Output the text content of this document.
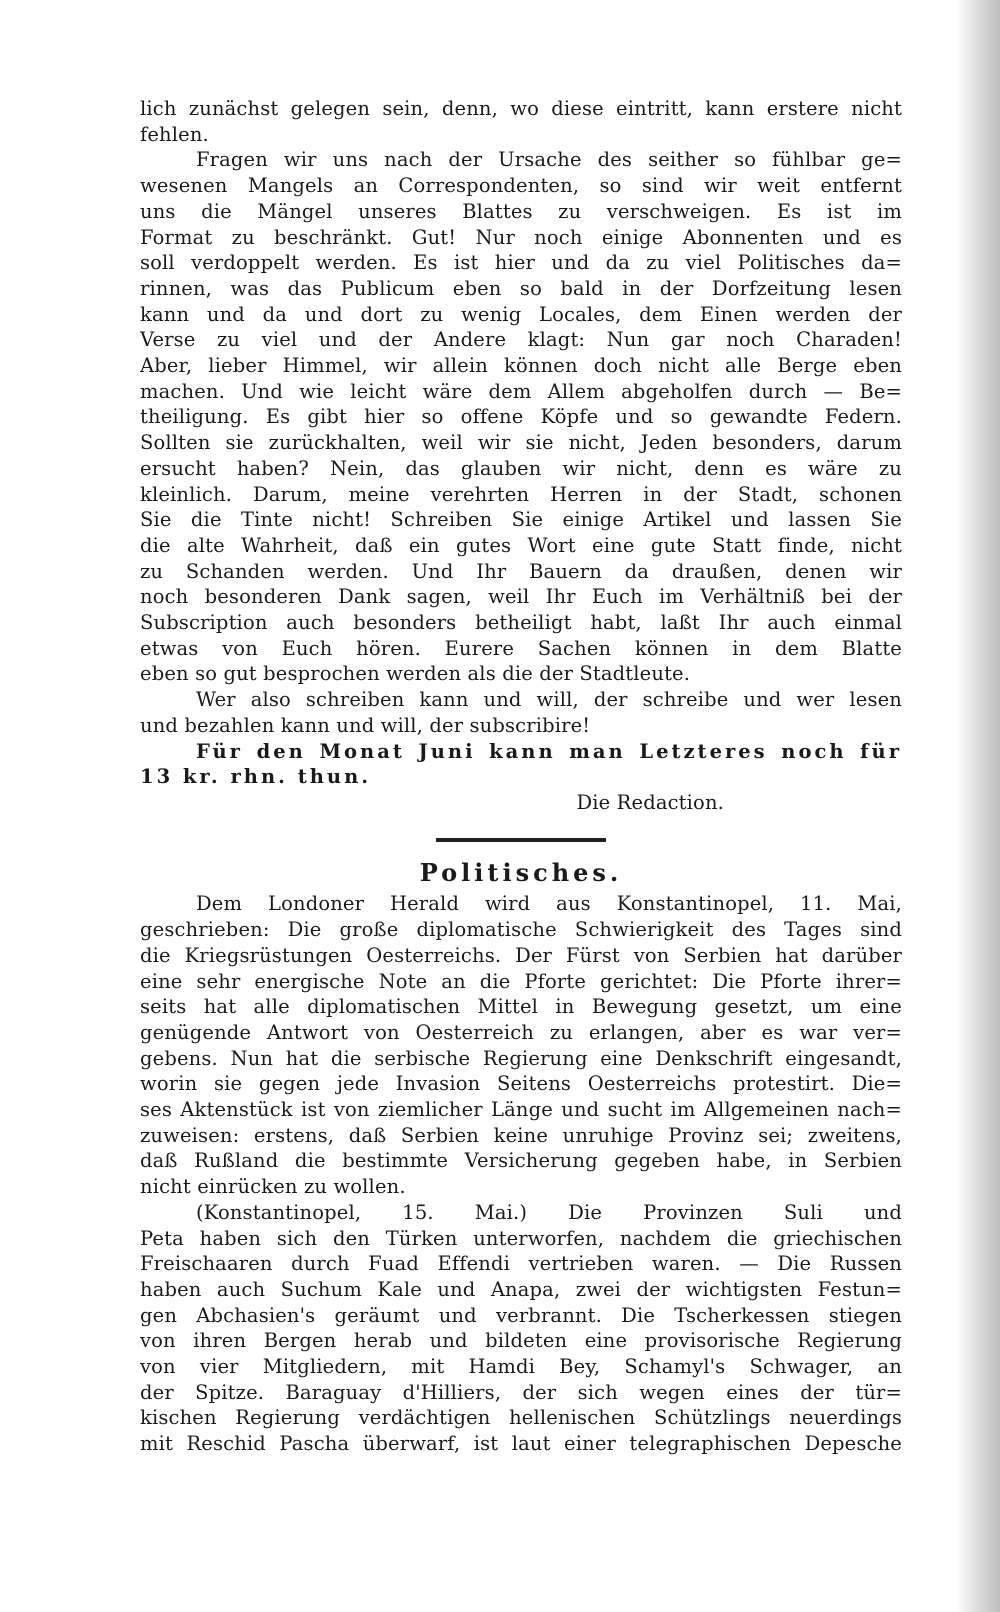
lich zunächst gelegen sein, denn, wo diese eintritt, kann erstere nicht
fehlen.
Fragen wir uns nach der Ursache des seither so fühlbar ge=
wesenen Mangels an Correspondenten, so sind wir weit entfernt
uns die Mängel unseres Blattes zu verschweigen. Es ist im
Format zu beschränkt. Gut! Nur noch einige Abonnenten und es
soll verdoppelt werden. Es ist hier und da zu viel Politisches da=
rinnen, was das Publicum eben so bald in der Dorfzeitung lesen
kann und da und dort zu wenig Locales, dem Einen werden der
Verse zu viel und der Andere klagt: Nun gar noch Charaden!
Aber, lieber Himmel, wir allein können doch nicht alle Berge eben
machen. Und wie leicht wäre dem Allem abgeholfen durch — Be=
theiligung. Es gibt hier so offene Köpfe und so gewandte Federn.
Sollten sie zurückhalten, weil wir sie nicht, Jeden besonders, darum
ersucht haben? Nein, das glauben wir nicht, denn es wäre zu
kleinlich. Darum, meine verehrten Herren in der Stadt, schonen
Sie die Tinte nicht! Schreiben Sie einige Artikel und lassen Sie
die alte Wahrheit, daß ein gutes Wort eine gute Statt finde, nicht
zu Schanden werden. Und Ihr Bauern da draußen, denen wir
noch besonderen Dank sagen, weil Ihr Euch im Verhältniß bei der
Subscription auch besonders betheiligt habt, laßt Ihr auch einmal
etwas von Euch hören. Eurere Sachen können in dem Blatte
eben so gut besprochen werden als die der Stadtleute.
Wer also schreiben kann und will, der schreibe und wer lesen
und bezahlen kann und will, der subscribire!
Für den Monat Juni kann man Letzteres noch für
13 kr. rhn. thun.
Die Redaction.
Politisches.
Dem Londoner Herald wird aus Konstantinopel, 11. Mai,
geschrieben: Die große diplomatische Schwierigkeit des Tages sind
die Kriegsrüstungen Oesterreichs. Der Fürst von Serbien hat darüber
eine sehr energische Note an die Pforte gerichtet: Die Pforte ihrer=
seits hat alle diplomatischen Mittel in Bewegung gesetzt, um eine
genügende Antwort von Oesterreich zu erlangen, aber es war ver=
gebens. Nun hat die serbische Regierung eine Denkschrift eingesandt,
worin sie gegen jede Invasion Seitens Oesterreichs protestirt. Die=
ses Aktenstück ist von ziemlicher Länge und sucht im Allgemeinen nach=
zuweisen: erstens, daß Serbien keine unruhige Provinz sei; zweitens,
daß Rußland die bestimmte Versicherung gegeben habe, in Serbien
nicht einrücken zu wollen.
(Konstantinopel, 15. Mai.) Die Provinzen Suli und
Peta haben sich den Türken unterworfen, nachdem die griechischen
Freischaaren durch Fuad Effendi vertrieben waren. — Die Russen
haben auch Suchum Kale und Anapa, zwei der wichtigsten Festun=
gen Abchasien's geräumt und verbrannt. Die Tscherkessen stiegen
von ihren Bergen herab und bildeten eine provisorische Regierung
von vier Mitgliedern, mit Hamdi Bey, Schamyl's Schwager, an
der Spitze. Baraguay d'Hilliers, der sich wegen eines der tür=
kischen Regierung verdächtigen hellenischen Schützlings neuerdings
mit Reschid Pascha überwarf, ist laut einer telegraphischen Depesche
